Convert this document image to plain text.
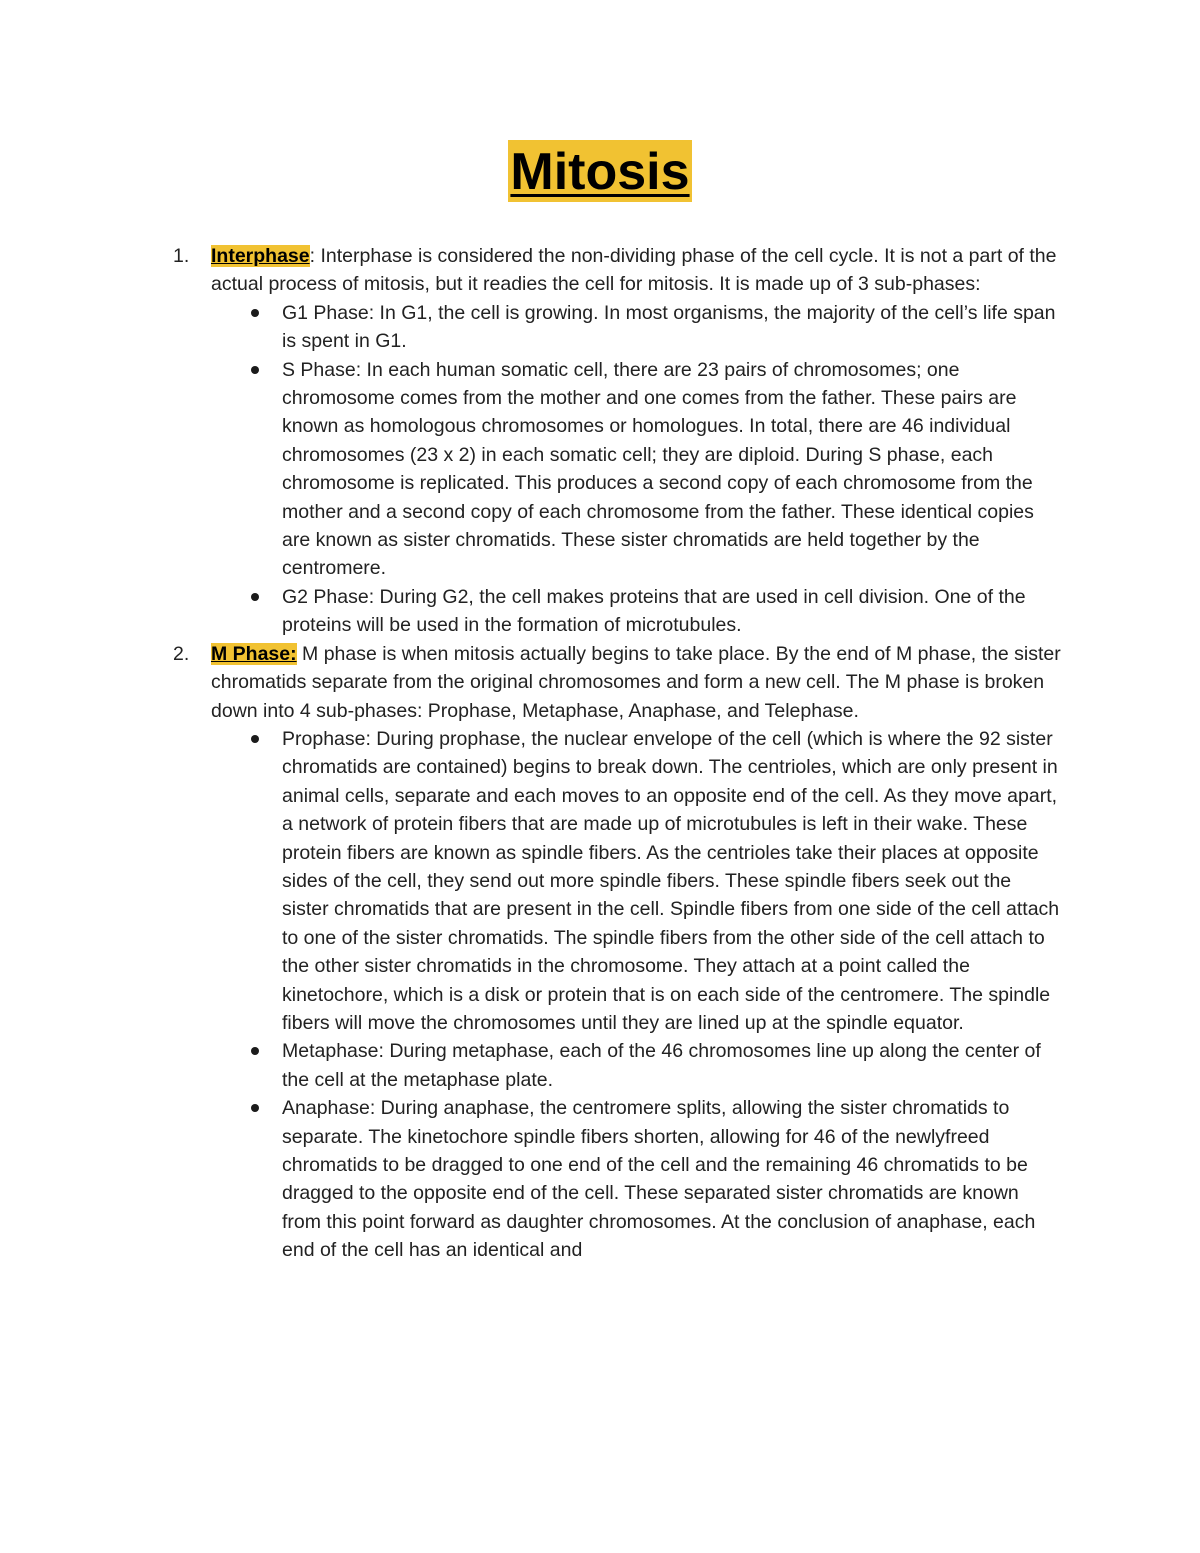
Mitosis
1. Interphase: Interphase is considered the non-dividing phase of the cell cycle. It is not a part of the actual process of mitosis, but it readies the cell for mitosis. It is made up of 3 sub-phases:
G1 Phase: In G1, the cell is growing. In most organisms, the majority of the cell’s life span is spent in G1.
S Phase: In each human somatic cell, there are 23 pairs of chromosomes; one chromosome comes from the mother and one comes from the father. These pairs are known as homologous chromosomes or homologues. In total, there are 46 individual chromosomes (23 x 2) in each somatic cell; they are diploid. During S phase, each chromosome is replicated. This produces a second copy of each chromosome from the mother and a second copy of each chromosome from the father. These identical copies are known as sister chromatids. These sister chromatids are held together by the centromere.
G2 Phase: During G2, the cell makes proteins that are used in cell division. One of the proteins will be used in the formation of microtubules.
2. M Phase: M phase is when mitosis actually begins to take place. By the end of M phase, the sister chromatids separate from the original chromosomes and form a new cell. The M phase is broken down into 4 sub-phases: Prophase, Metaphase, Anaphase, and Telephase.
Prophase: During prophase, the nuclear envelope of the cell (which is where the 92 sister chromatids are contained) begins to break down. The centrioles, which are only present in animal cells, separate and each moves to an opposite end of the cell. As they move apart, a network of protein fibers that are made up of microtubules is left in their wake. These protein fibers are known as spindle fibers. As the centrioles take their places at opposite sides of the cell, they send out more spindle fibers. These spindle fibers seek out the sister chromatids that are present in the cell. Spindle fibers from one side of the cell attach to one of the sister chromatids. The spindle fibers from the other side of the cell attach to the other sister chromatids in the chromosome. They attach at a point called the kinetochore, which is a disk or protein that is on each side of the centromere. The spindle fibers will move the chromosomes until they are lined up at the spindle equator.
Metaphase: During metaphase, each of the 46 chromosomes line up along the center of the cell at the metaphase plate.
Anaphase: During anaphase, the centromere splits, allowing the sister chromatids to separate. The kinetochore spindle fibers shorten, allowing for 46 of the newlyfreed chromatids to be dragged to one end of the cell and the remaining 46 chromatids to be dragged to the opposite end of the cell. These separated sister chromatids are known from this point forward as daughter chromosomes. At the conclusion of anaphase, each end of the cell has an identical and
